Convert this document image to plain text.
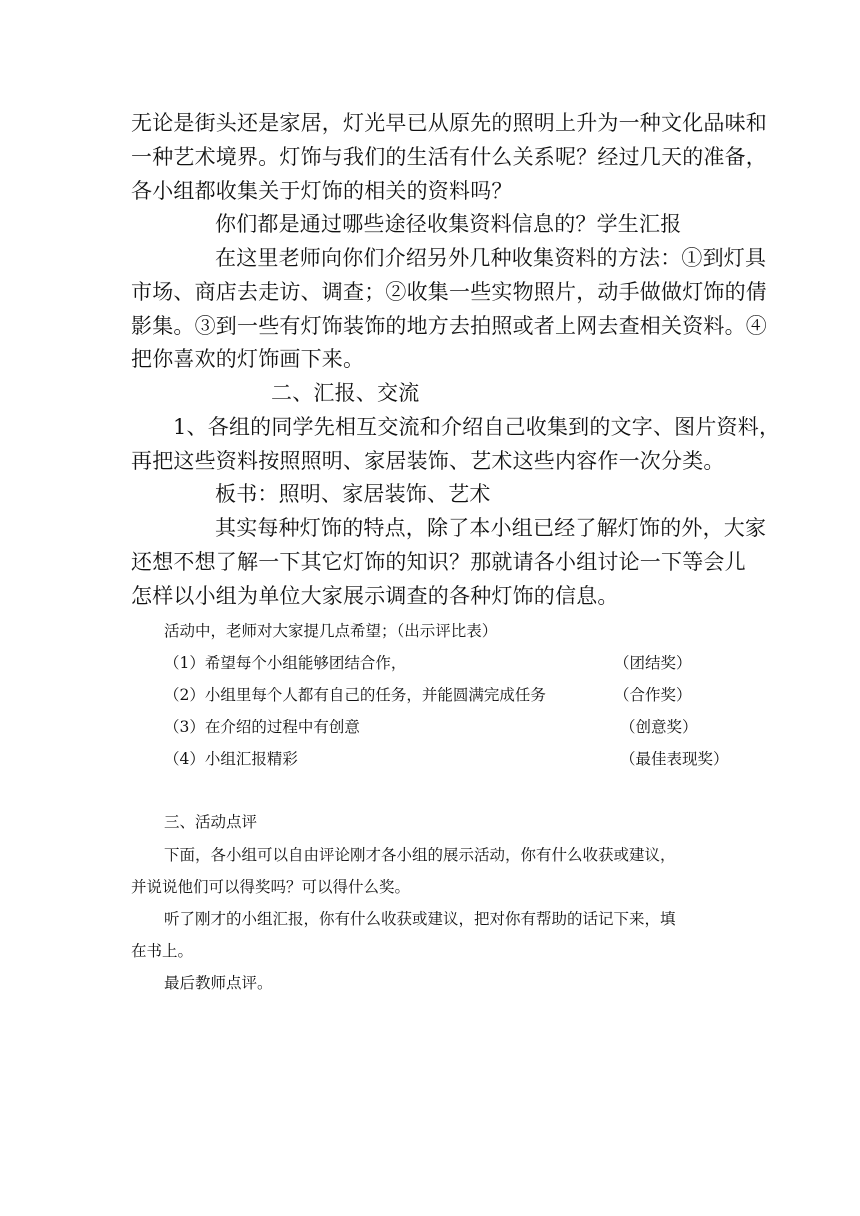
无论是街头还是家居，灯光早已从原先的照明上升为一种文化品味和
一种艺术境界。灯饰与我们的生活有什么关系呢？经过几天的准备，
各小组都收集关于灯饰的相关的资料吗？
你们都是通过哪些途径收集资料信息的？学生汇报
在这里老师向你们介绍另外几种收集资料的方法：①到灯具
市场、商店去走访、调查；②收集一些实物照片，动手做做灯饰的倩
影集。③到一些有灯饰装饰的地方去拍照或者上网去查相关资料。④
把你喜欢的灯饰画下来。
二、汇报、交流
1、各组的同学先相互交流和介绍自己收集到的文字、图片资料，
再把这些资料按照照明、家居装饰、艺术这些内容作一次分类。
板书：照明、家居装饰、艺术
其实每种灯饰的特点，除了本小组已经了解灯饰的外，大家
还想不想了解一下其它灯饰的知识？那就请各小组讨论一下等会儿
怎样以小组为单位大家展示调查的各种灯饰的信息。
活动中，老师对大家提几点希望；（出示评比表）
（1）希望每个小组能够团结合作，	（团结奖）
（2）小组里每个人都有自己的任务，并能圆满完成任务	（合作奖）
（3）在介绍的过程中有创意	（创意奖）
（4）小组汇报精彩	（最佳表现奖）
三、活动点评
下面，各小组可以自由评论刚才各小组的展示活动，你有什么收获或建议，
并说说他们可以得奖吗？可以得什么奖。
听了刚才的小组汇报，你有什么收获或建议，把对你有帮助的话记下来，填
在书上。
最后教师点评。
